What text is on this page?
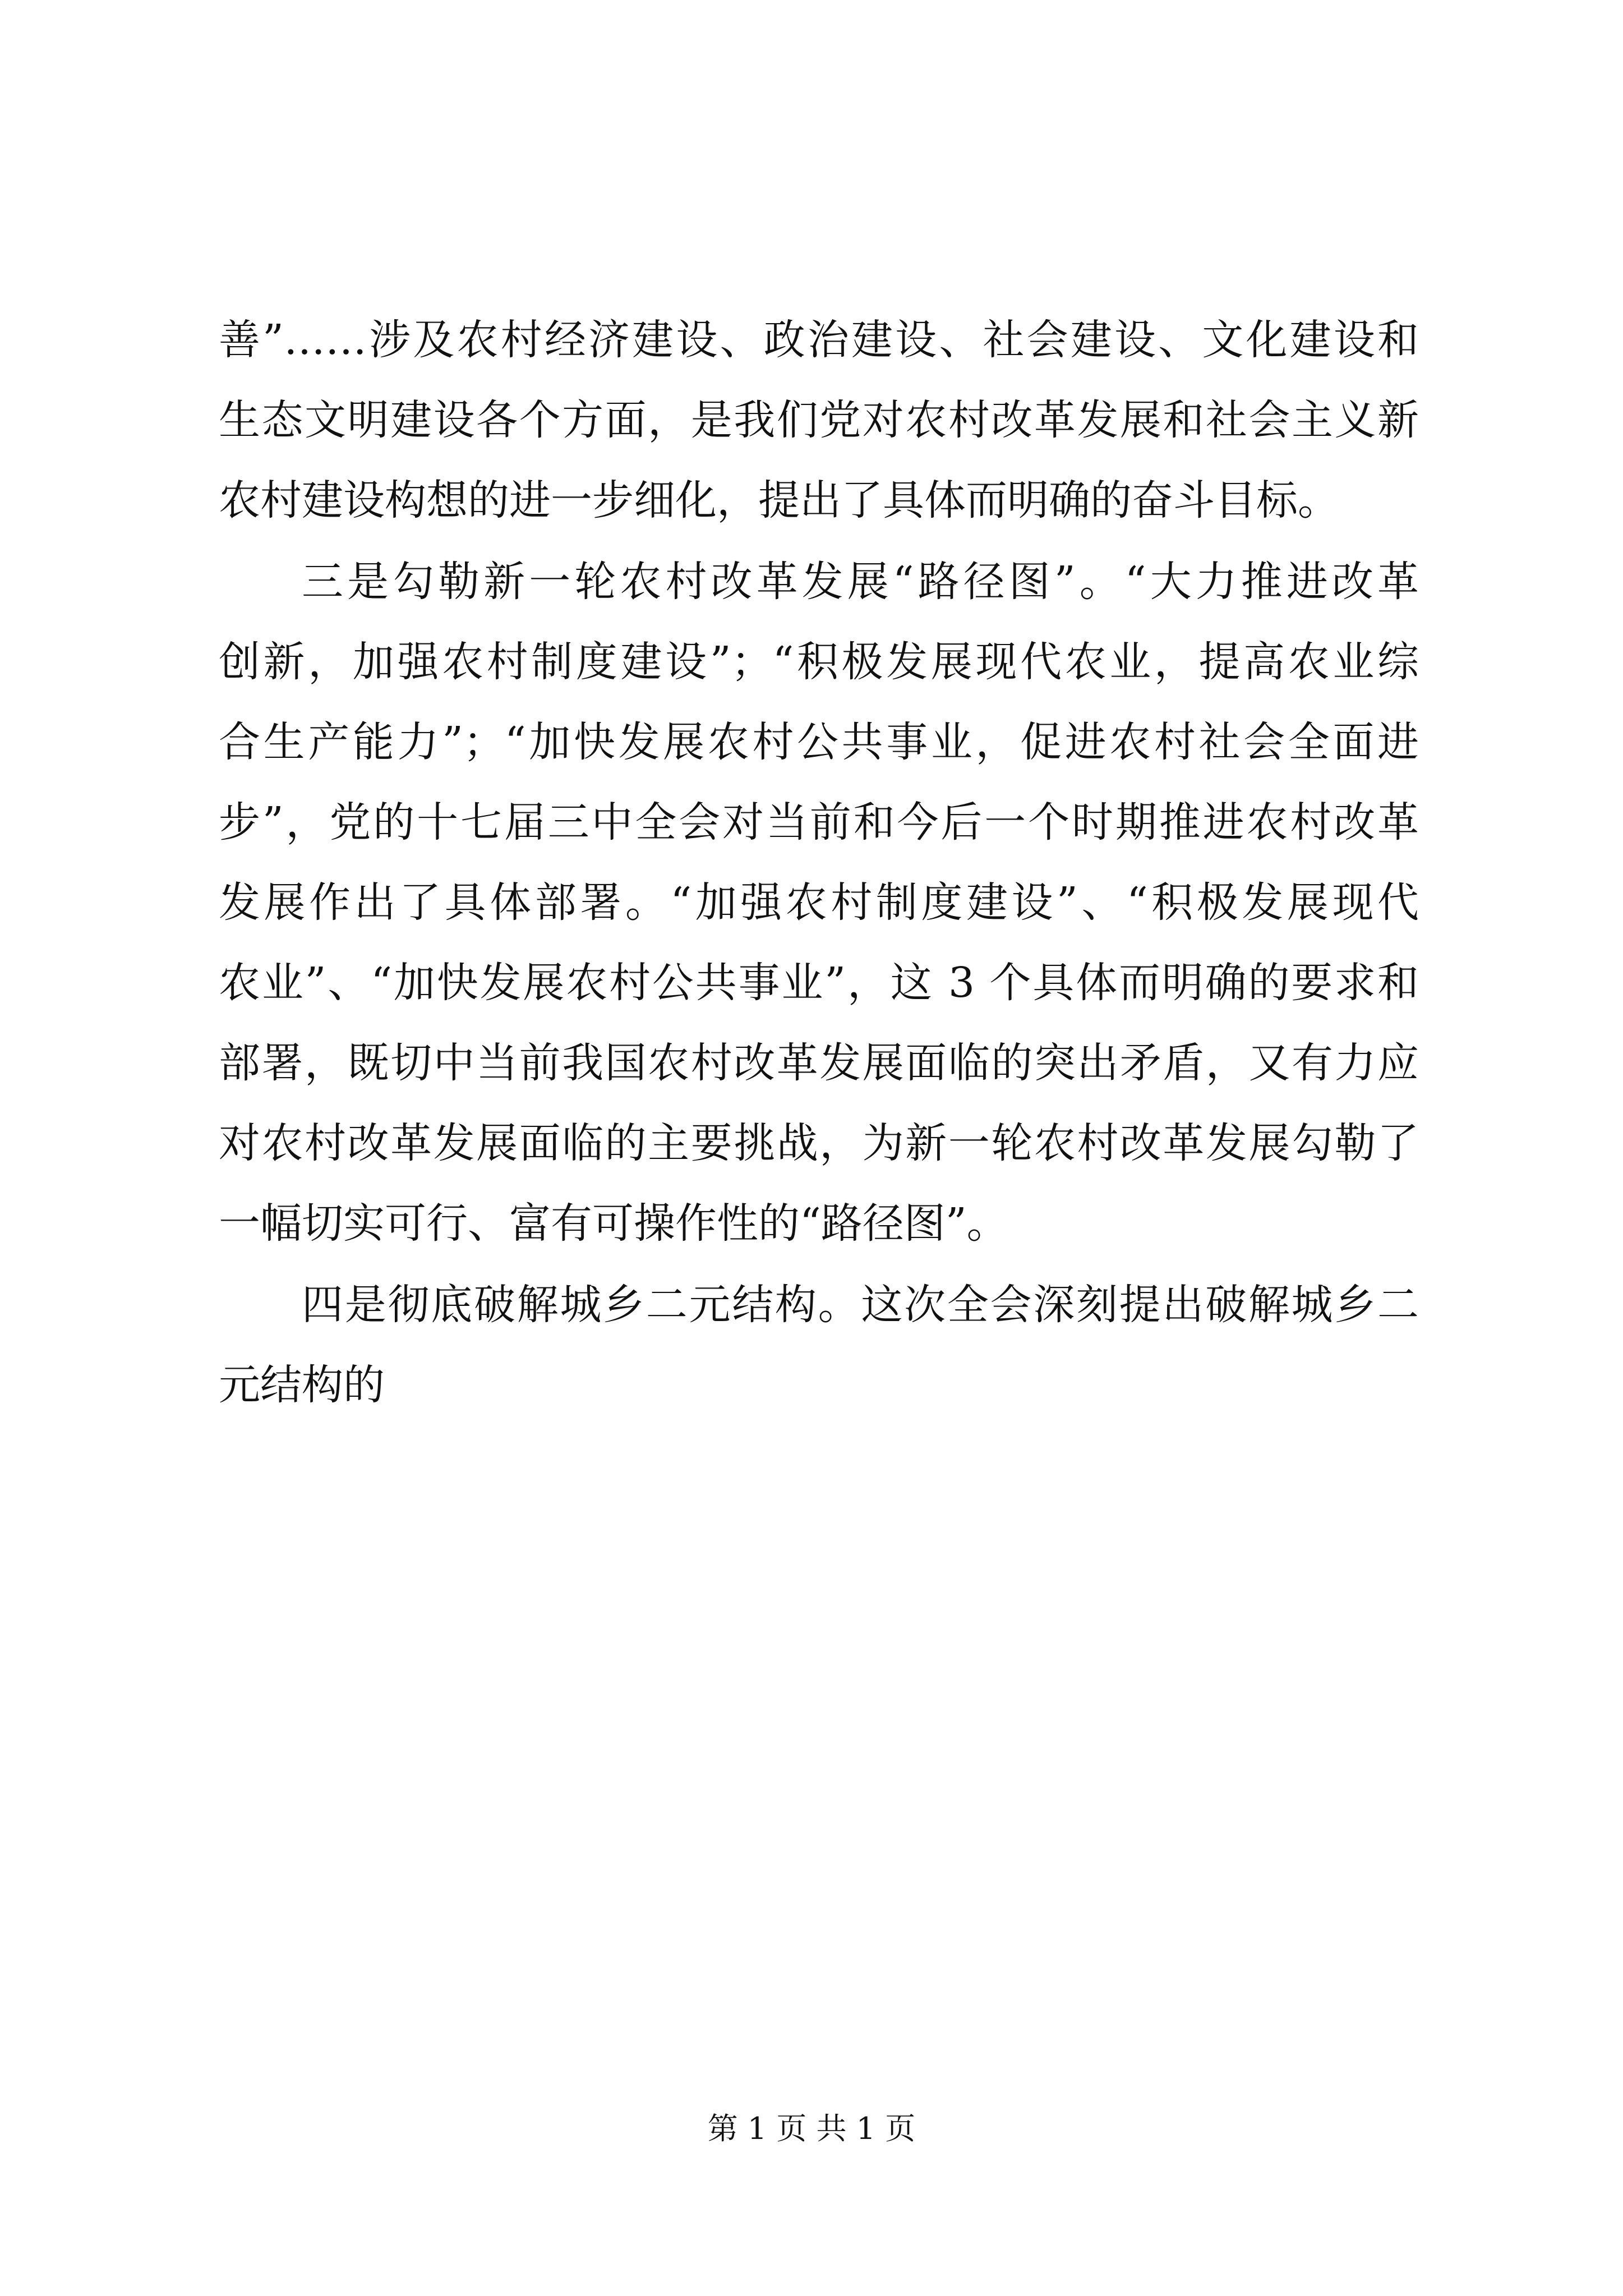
善”……涉及农村经济建设、政治建设、社会建设、文化建设和
生态文明建设各个方面，是我们党对农村改革发展和社会主义新
农村建设构想的进一步细化，提出了具体而明确的奋斗目标。
三是勾勒新一轮农村改革发展“路径图”。“大力推进改革
创新，加强农村制度建设”；“积极发展现代农业，提高农业综
合生产能力”；“加快发展农村公共事业，促进农村社会全面进
步”，党的十七届三中全会对当前和今后一个时期推进农村改革
发展作出了具体部署。“加强农村制度建设”、“积极发展现代
农业”、“加快发展农村公共事业”，这 3 个具体而明确的要求和
部署，既切中当前我国农村改革发展面临的突出矛盾，又有力应
对农村改革发展面临的主要挑战，为新一轮农村改革发展勾勒了
一幅切实可行、富有可操作性的“路径图”。
四是彻底破解城乡二元结构。这次全会深刻提出破解城乡二
元结构的
第 1 页 共 1 页
